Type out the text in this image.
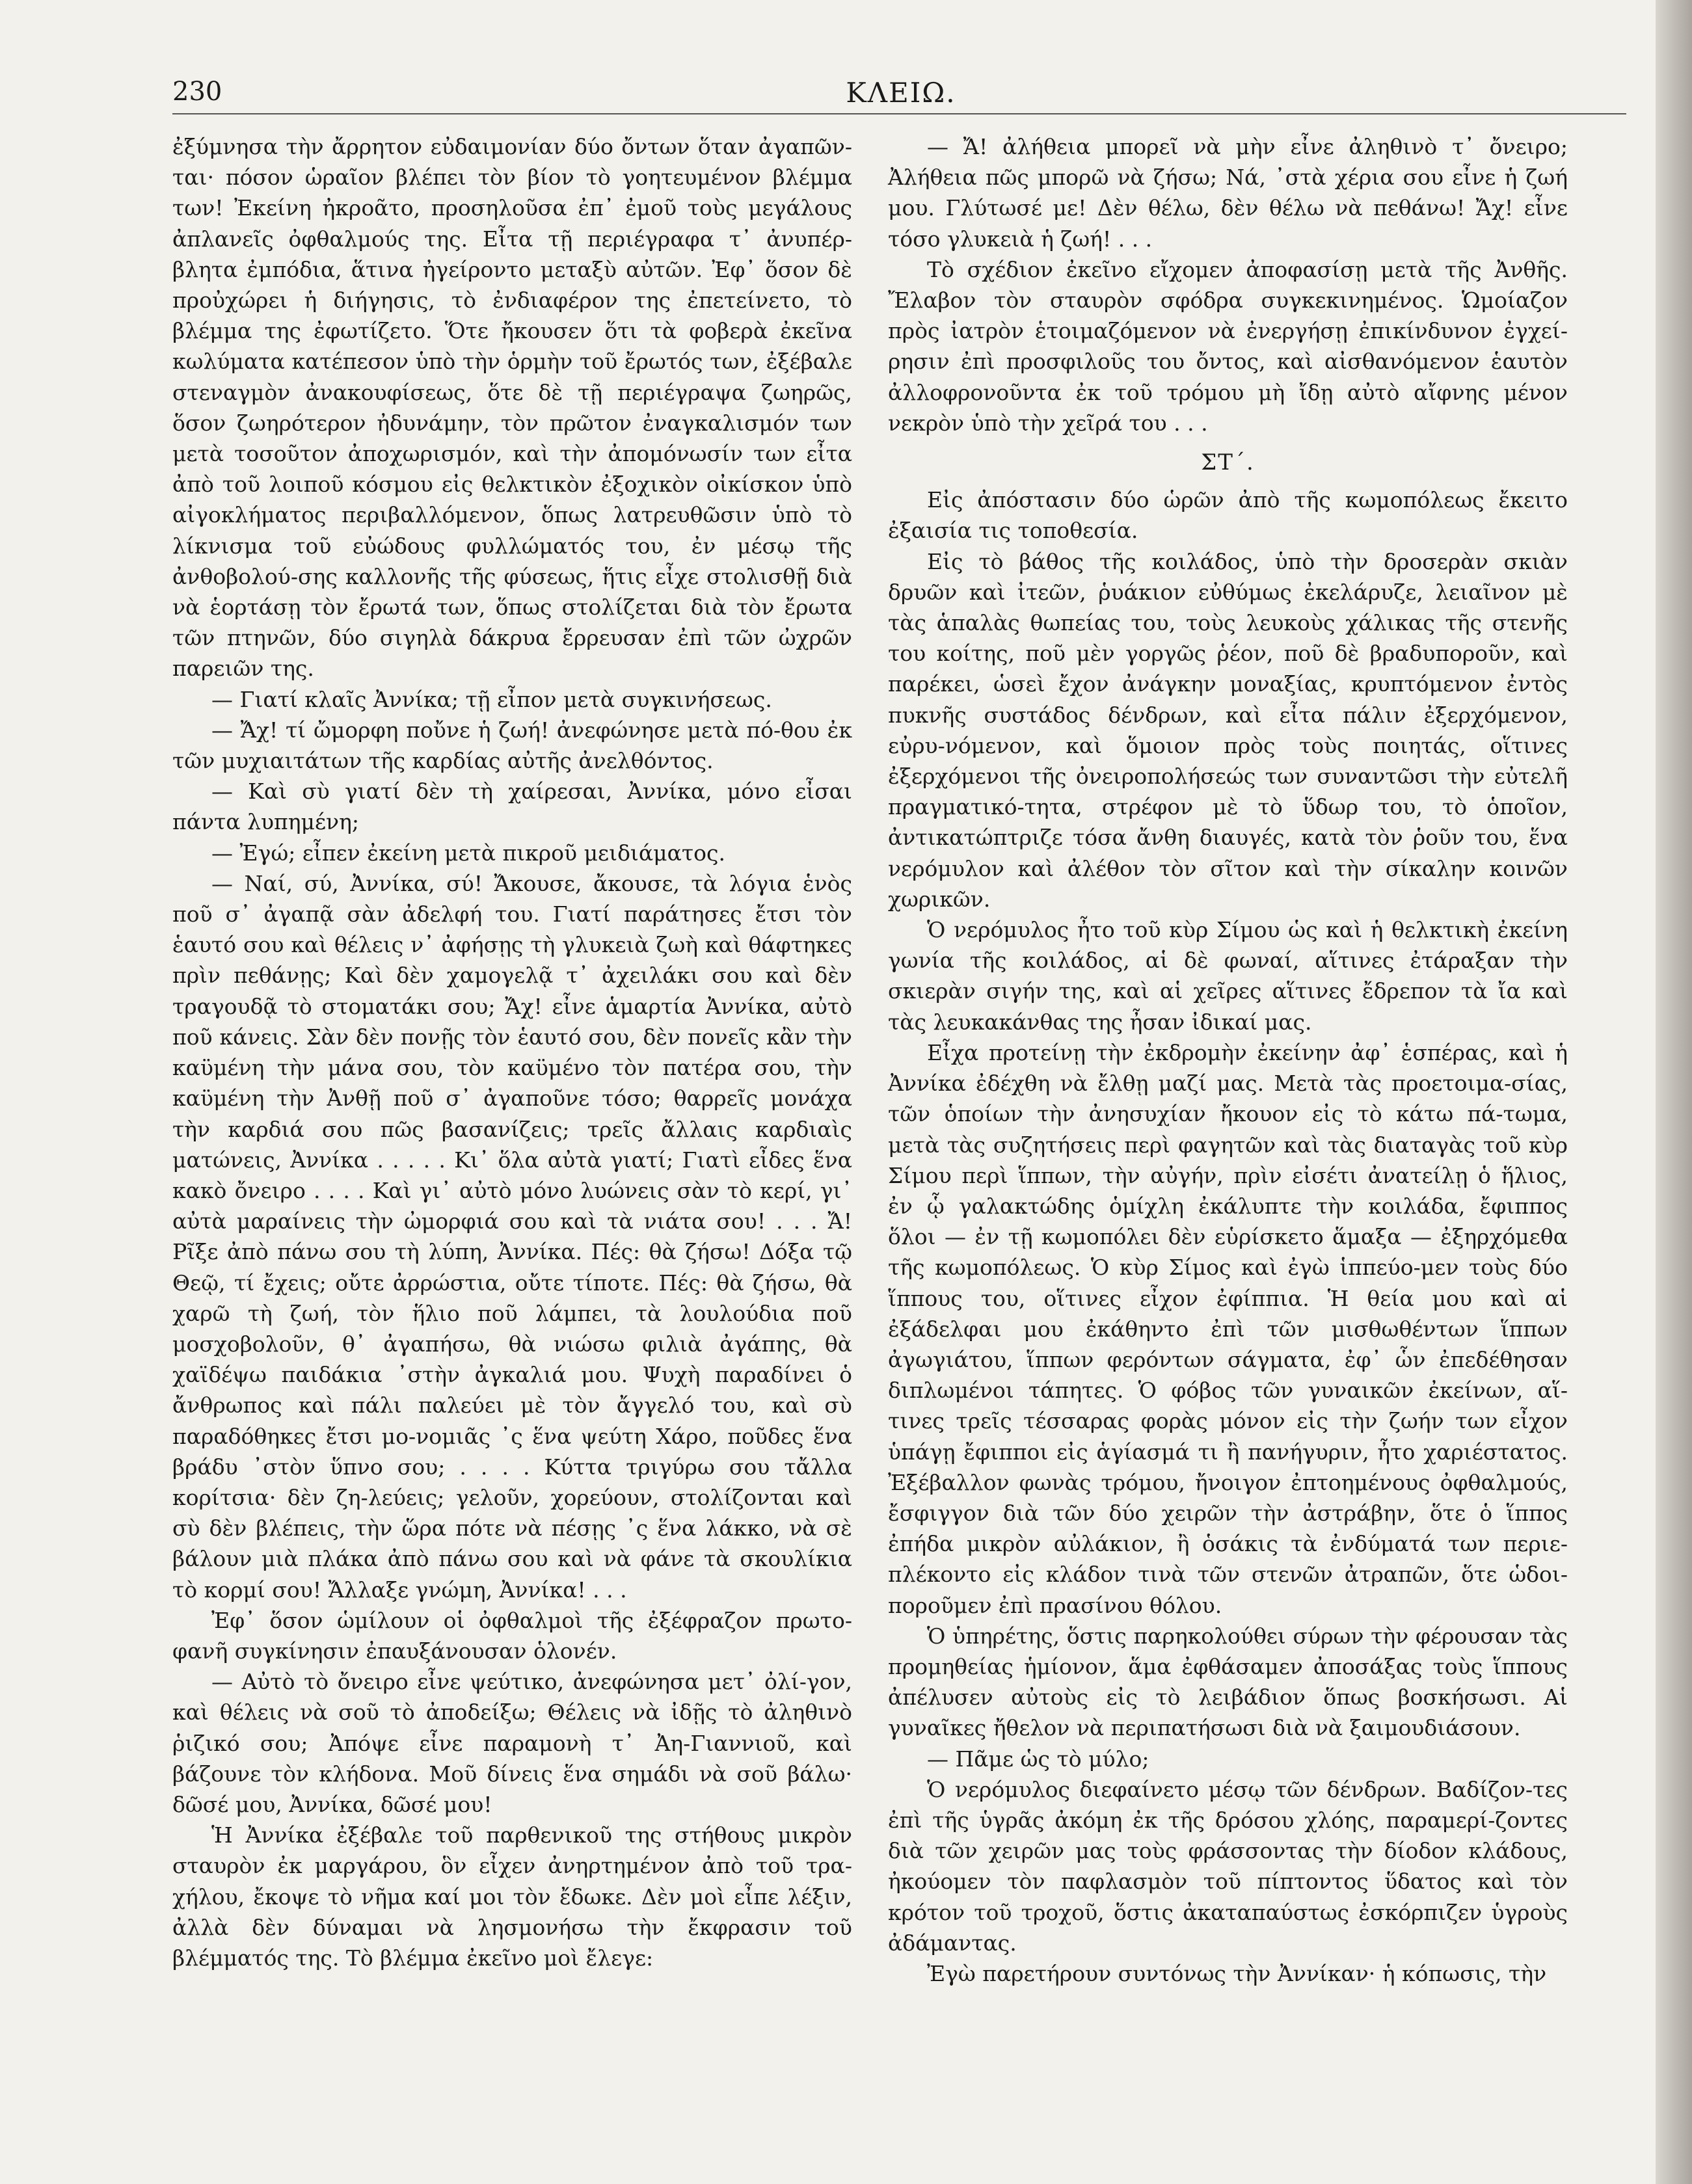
230	ΚΛΕΙΩ.

ἐξύμνησα τὴν ἄρρητον εὐδαιμονίαν δύο ὄντων ὅταν ἀγαπῶν-ται· πόσον ὡραῖον βλέπει τὸν βίον τὸ γοητευμένον βλέμμα των! Ἐκείνη ἠκροᾶτο, προσηλοῦσα ἐπ᾿ ἐμοῦ τοὺς μεγάλους ἀπλανεῖς ὀφθαλμούς της. Εἶτα τῇ περιέγραφα τ᾿ ἀνυπέρ-βλητα ἐμπόδια, ἅτινα ἠγείροντο μεταξὺ αὐτῶν. Ἐφ᾿ ὅσον δὲ προὐχώρει ἡ διήγησις, τὸ ἐνδιαφέρον της ἐπετείνετο, τὸ βλέμμα της ἐφωτίζετο. Ὅτε ἤκουσεν ὅτι τὰ φοβερὰ ἐκεῖνα κωλύματα κατέπεσον ὑπὸ τὴν ὁρμὴν τοῦ ἔρωτός των, ἐξέβαλε στεναγμὸν ἀνακουφίσεως, ὅτε δὲ τῇ περιέγραψα ζωηρῶς, ὅσον ζωηρότερον ἠδυνάμην, τὸν πρῶτον ἐναγκαλισμόν των μετὰ τοσοῦτον ἀποχωρισμόν, καὶ τὴν ἀπομόνωσίν των εἶτα ἀπὸ τοῦ λοιποῦ κόσμου εἰς θελκτικὸν ἐξοχικὸν οἰκίσκον ὑπὸ αἰγοκλήματος περιβαλλόμενον, ὅπως λατρευθῶσιν ὑπὸ τὸ λίκνισμα τοῦ εὐώδους φυλλώματός του, ἐν μέσῳ τῆς ἀνθοβολού-σης καλλονῆς τῆς φύσεως, ἥτις εἶχε στολισθῇ διὰ νὰ ἑορτάσῃ τὸν ἔρωτά των, ὅπως στολίζεται διὰ τὸν ἔρωτα τῶν πτηνῶν, δύο σιγηλὰ δάκρυα ἔρρευσαν ἐπὶ τῶν ὠχρῶν παρειῶν της.

— Γιατί κλαῖς Ἀννίκα; τῇ εἶπον μετὰ συγκινήσεως.

— Ἄχ! τί ὤμορφη ποὔνε ἡ ζωή! ἀνεφώνησε μετὰ πό-θου ἐκ τῶν μυχιαιτάτων τῆς καρδίας αὐτῆς ἀνελθόντος.

— Καὶ σὺ γιατί δὲν τὴ χαίρεσαι, Ἀννίκα, μόνο εἶσαι πάντα λυπημένη;

— Ἐγώ; εἶπεν ἐκείνη μετὰ πικροῦ μειδιάματος.

— Ναί, σύ, Ἀννίκα, σύ! Ἄκουσε, ἄκουσε, τὰ λόγια ἑνὸς ποῦ σ᾿ ἀγαπᾷ σὰν ἀδελφή του. Γιατί παράτησες ἔτσι τὸν ἑαυτό σου καὶ θέλεις ν᾿ ἀφήσῃς τὴ γλυκειὰ ζωὴ καὶ θάφτηκες πρὶν πεθάνῃς; Καὶ δὲν χαμογελᾷ τ᾿ ἀχειλάκι σου καὶ δὲν τραγουδᾷ τὸ στοματάκι σου; Ἄχ! εἶνε ἁμαρτία Ἀννίκα, αὐτὸ ποῦ κάνεις. Σὰν δὲν πονῇς τὸν ἑαυτό σου, δὲν πονεῖς κἂν τὴν καϋμένη τὴν μάνα σου, τὸν καϋμένο τὸν πατέρα σου, τὴν καϋμένη τὴν Ἀνθῇ ποῦ σ᾿ ἀγαποῦνε τόσο; θαρρεῖς μονάχα τὴν καρδιά σου πῶς βασανίζεις; τρεῖς ἄλλαις καρδιαὶς ματώνεις, Ἀννίκα . . . . . Κι᾿ ὅλα αὐτὰ γιατί; Γιατὶ εἶδες ἕνα κακὸ ὄνειρο . . . . Καὶ γι᾿ αὐτὸ μόνο λυώνεις σὰν τὸ κερί, γι᾿ αὐτὰ μαραίνεις τὴν ὠμορφιά σου καὶ τὰ νιάτα σου! . . . Ἄ! Ρῖξε ἀπὸ πάνω σου τὴ λύπη, Ἀννίκα. Πές: θὰ ζήσω! Δόξα τῷ Θεῷ, τί ἔχεις; οὔτε ἀρρώστια, οὔτε τίποτε. Πές: θὰ ζήσω, θὰ χαρῶ τὴ ζωή, τὸν ἥλιο ποῦ λάμπει, τὰ λουλούδια ποῦ μοσχοβολοῦν, θ᾿ ἀγαπήσω, θὰ νιώσω φιλιὰ ἀγάπης, θὰ χαϊδέψω παιδάκια ᾿στὴν ἀγκαλιά μου. Ψυχὴ παραδίνει ὁ ἄνθρωπος καὶ πάλι παλεύει μὲ τὸν ἄγγελό του, καὶ σὺ παραδόθηκες ἔτσι μο-νομιᾶς ᾿ς ἕνα ψεύτη Χάρο, ποῦδες ἕνα βράδυ ᾿στὸν ὕπνο σου; . . . . Κύττα τριγύρω σου τἄλλα κορίτσια· δὲν ζη-λεύεις; γελοῦν, χορεύουν, στολίζονται καὶ σὺ δὲν βλέπεις, τὴν ὥρα πότε νὰ πέσῃς ᾿ς ἕνα λάκκο, νὰ σὲ βάλουν μιὰ πλάκα ἀπὸ πάνω σου καὶ νὰ φάνε τὰ σκουλίκια τὸ κορμί σου! Ἄλλαξε γνώμη, Ἀννίκα! . . .

Ἐφ᾿ ὅσον ὡμίλουν οἱ ὀφθαλμοὶ τῆς ἐξέφραζον πρωτο-φανῆ συγκίνησιν ἐπαυξάνουσαν ὁλονέν.

— Αὐτὸ τὸ ὄνειρο εἶνε ψεύτικο, ἀνεφώνησα μετ᾿ ὀλί-γον, καὶ θέλεις νὰ σοῦ τὸ ἀποδείξω; Θέλεις νὰ ἰδῇς τὸ ἀληθινὸ ῥιζικό σου; Ἀπόψε εἶνε παραμονὴ τ᾿ Ἀη-Γιαννιοῦ, καὶ βάζουνε τὸν κλήδονα. Μοῦ δίνεις ἕνα σημάδι νὰ σοῦ βάλω· δῶσέ μου, Ἀννίκα, δῶσέ μου!

Ἡ Ἀννίκα ἐξέβαλε τοῦ παρθενικοῦ της στήθους μικρὸν σταυρὸν ἐκ μαργάρου, ὃν εἶχεν ἀνηρτημένον ἀπὸ τοῦ τρα-χήλου, ἔκοψε τὸ νῆμα καί μοι τὸν ἔδωκε. Δὲν μοὶ εἶπε λέξιν, ἀλλὰ δὲν δύναμαι νὰ λησμονήσω τὴν ἔκφρασιν τοῦ βλέμματός της. Τὸ βλέμμα ἐκεῖνο μοὶ ἔλεγε:

— Ἄ! ἀλήθεια μπορεῖ νὰ μὴν εἶνε ἀληθινὸ τ᾿ ὄνειρο; Ἀλήθεια πῶς μπορῶ νὰ ζήσω; Νά, ᾿στὰ χέρια σου εἶνε ἡ ζωή μου. Γλύτωσέ με! Δὲν θέλω, δὲν θέλω νὰ πεθάνω! Ἄχ! εἶνε τόσο γλυκειὰ ἡ ζωή! . . .

Τὸ σχέδιον ἐκεῖνο εἴχομεν ἀποφασίσῃ μετὰ τῆς Ἀνθῆς. Ἔλαβον τὸν σταυρὸν σφόδρα συγκεκινημένος. Ὡμοίαζον πρὸς ἰατρὸν ἑτοιμαζόμενον νὰ ἐνεργήσῃ ἐπικίνδυνον ἐγχεί-ρησιν ἐπὶ προσφιλοῦς του ὄντος, καὶ αἰσθανόμενον ἑαυτὸν ἀλλοφρονοῦντα ἐκ τοῦ τρόμου μὴ ἴδῃ αὐτὸ αἴφνης μένον νεκρὸν ὑπὸ τὴν χεῖρά του . . .

ΣΤ΄.

Εἰς ἀπόστασιν δύο ὡρῶν ἀπὸ τῆς κωμοπόλεως ἔκειτο ἐξαισία τις τοποθεσία.

Εἰς τὸ βάθος τῆς κοιλάδος, ὑπὸ τὴν δροσερὰν σκιὰν δρυῶν καὶ ἰτεῶν, ῥυάκιον εὐθύμως ἐκελάρυζε, λειαῖνον μὲ τὰς ἁπαλὰς θωπείας του, τοὺς λευκοὺς χάλικας τῆς στενῆς του κοίτης, ποῦ μὲν γοργῶς ῥέον, ποῦ δὲ βραδυποροῦν, καὶ παρέκει, ὡσεὶ ἔχον ἀνάγκην μοναξίας, κρυπτόμενον ἐντὸς πυκνῆς συστάδος δένδρων, καὶ εἶτα πάλιν ἐξερχόμενον, εὐρυ-νόμενον, καὶ ὅμοιον πρὸς τοὺς ποιητάς, οἵτινες ἐξερχόμενοι τῆς ὀνειροπολήσεώς των συναντῶσι τὴν εὐτελῆ πραγματικό-τητα, στρέφον μὲ τὸ ὕδωρ του, τὸ ὁποῖον, ἀντικατώπτριζε τόσα ἄνθη διαυγές, κατὰ τὸν ῥοῦν του, ἕνα νερόμυλον καὶ ἀλέθον τὸν σῖτον καὶ τὴν σίκαλην κοινῶν χωρικῶν.

Ὁ νερόμυλος ἦτο τοῦ κὺρ Σίμου ὡς καὶ ἡ θελκτικὴ ἐκείνη γωνία τῆς κοιλάδος, αἱ δὲ φωναί, αἵτινες ἐτάραξαν τὴν σκιερὰν σιγήν της, καὶ αἱ χεῖρες αἵτινες ἔδρεπον τὰ ἴα καὶ τὰς λευκακάνθας της ἦσαν ἰδικαί μας.

Εἶχα προτείνῃ τὴν ἐκδρομὴν ἐκείνην ἀφ᾿ ἑσπέρας, καὶ ἡ Ἀννίκα ἐδέχθη νὰ ἔλθῃ μαζί μας. Μετὰ τὰς προετοιμα-σίας, τῶν ὁποίων τὴν ἀνησυχίαν ἤκουον εἰς τὸ κάτω πά-τωμα, μετὰ τὰς συζητήσεις περὶ φαγητῶν καὶ τὰς διαταγὰς τοῦ κὺρ Σίμου περὶ ἵππων, τὴν αὐγήν, πρὶν εἰσέτι ἀνατείλῃ ὁ ἥλιος, ἐν ᾧ γαλακτώδης ὁμίχλη ἐκάλυπτε τὴν κοιλάδα, ἔφιππος ὅλοι — ἐν τῇ κωμοπόλει δὲν εὑρίσκετο ἅμαξα — ἐξηρχόμεθα τῆς κωμοπόλεως. Ὁ κὺρ Σίμος καὶ ἐγὼ ἱππεύο-μεν τοὺς δύο ἵππους του, οἵτινες εἶχον ἐφίππια. Ἡ θεία μου καὶ αἱ ἐξάδελφαι μου ἐκάθηντο ἐπὶ τῶν μισθωθέντων ἵππων ἀγωγιάτου, ἵππων φερόντων σάγματα, ἐφ᾿ ὧν ἐπεδέθησαν διπλωμένοι τάπητες. Ὁ φόβος τῶν γυναικῶν ἐκείνων, αἵ-τινες τρεῖς τέσσαρας φορὰς μόνον εἰς τὴν ζωήν των εἶχον ὑπάγῃ ἔφιπποι εἰς ἁγίασμά τι ἢ πανήγυριν, ἦτο χαριέστατος. Ἐξέβαλλον φωνὰς τρόμου, ἤνοιγον ἐπτοημένους ὀφθαλμούς, ἔσφιγγον διὰ τῶν δύο χειρῶν τὴν ἀστράβην, ὅτε ὁ ἵππος ἐπήδα μικρὸν αὐλάκιον, ἢ ὁσάκις τὰ ἐνδύματά των περιε-πλέκοντο εἰς κλάδον τινὰ τῶν στενῶν ἀτραπῶν, ὅτε ὡδοι-ποροῦμεν ἐπὶ πρασίνου θόλου.

Ὁ ὑπηρέτης, ὅστις παρηκολούθει σύρων τὴν φέρουσαν τὰς προμηθείας ἡμίονον, ἅμα ἐφθάσαμεν ἀποσάξας τοὺς ἵππους ἀπέλυσεν αὐτοὺς εἰς τὸ λειβάδιον ὅπως βοσκήσωσι. Αἱ γυναῖκες ἤθελον νὰ περιπατήσωσι διὰ νὰ ξαιμουδιάσουν.

— Πᾶμε ὡς τὸ μύλο;

Ὁ νερόμυλος διεφαίνετο μέσῳ τῶν δένδρων. Βαδίζον-τες ἐπὶ τῆς ὑγρᾶς ἀκόμη ἐκ τῆς δρόσου χλόης, παραμερί-ζοντες διὰ τῶν χειρῶν μας τοὺς φράσσοντας τὴν δίοδον κλάδους, ἠκούομεν τὸν παφλασμὸν τοῦ πίπτοντος ὕδατος καὶ τὸν κρότον τοῦ τροχοῦ, ὅστις ἀκαταπαύστως ἐσκόρπιζεν ὑγροὺς ἀδάμαντας.

Ἐγὼ παρετήρουν συντόνως τὴν Ἀννίκαν· ἡ κόπωσις, τὴν
